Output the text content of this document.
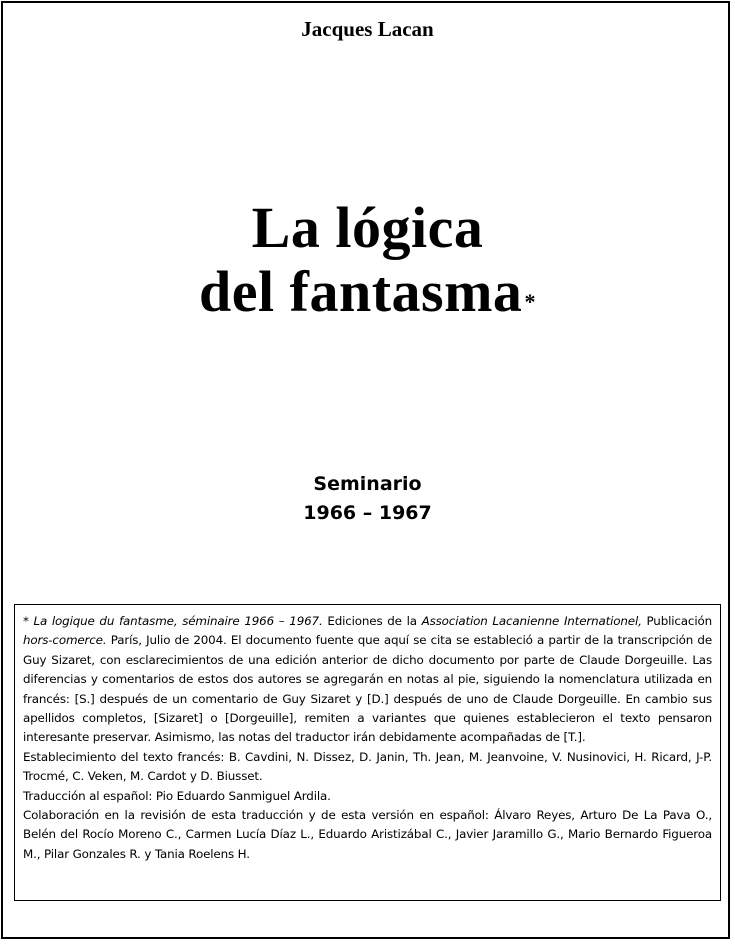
Jacques Lacan
La lógica
del fantasma*
Seminario
1966 – 1967

* La logique du fantasme, séminaire 1966 – 1967. Ediciones de la Association Lacanienne Internationel, Publicación hors-comerce. París, Julio de 2004. El documento fuente que aquí se cita se estableció a partir de la transcripción de Guy Sizaret, con esclarecimientos de una edición anterior de dicho documento por parte de Claude Dorgeuille. Las diferencias y comentarios de estos dos autores se agregarán en notas al pie, siguiendo la nomenclatura utilizada en francés: [S.] después de un comentario de Guy Sizaret y [D.] después de uno de Claude Dorgeuille. En cambio sus apellidos completos, [Sizaret] o [Dorgeuille], remiten a variantes que quienes establecieron el texto pensaron interesante preservar. Asimismo, las notas del traductor irán debidamente acompañadas de [T.].

Establecimiento del texto francés: B. Cavdini, N. Dissez, D. Janin, Th. Jean, M. Jeanvoine, V. Nusinovici, H. Ricard, J-P. Trocmé, C. Veken, M. Cardot y D. Biusset.

Traducción al español: Pio Eduardo Sanmiguel Ardila.

Colaboración en la revisión de esta traducción y de esta versión en español: Álvaro Reyes, Arturo De La Pava O., Belén del Rocío Moreno C., Carmen Lucía Díaz L., Eduardo Aristizábal C., Javier Jaramillo G., Mario Bernardo Figueroa M., Pilar Gonzales R. y Tania Roelens H.
